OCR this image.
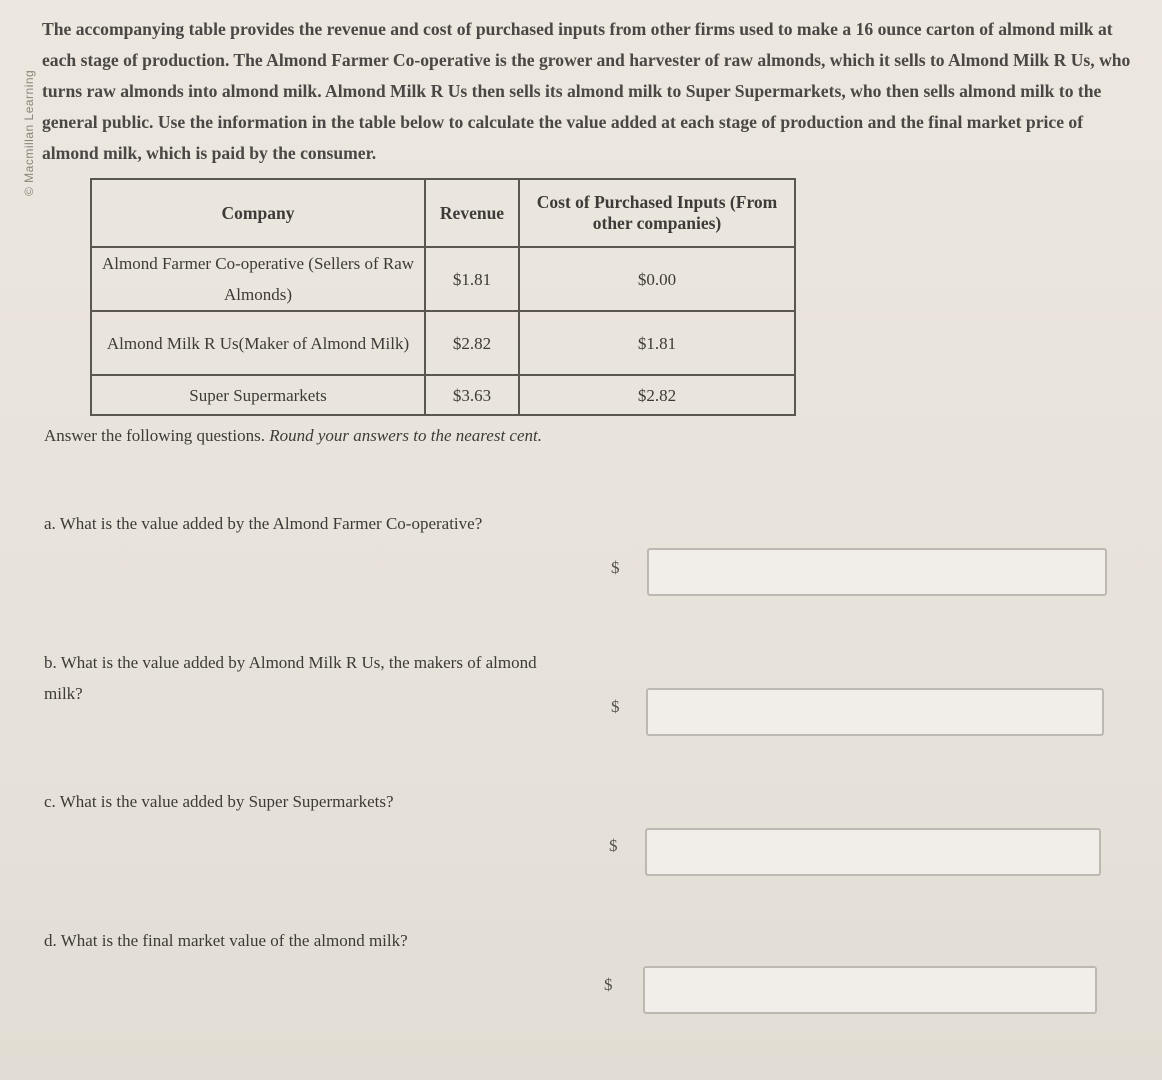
© Macmillan Learning

The accompanying table provides the revenue and cost of purchased inputs from other firms used to make a 16 ounce carton of almond milk at each stage of production. The Almond Farmer Co-operative is the grower and harvester of raw almonds, which it sells to Almond Milk R Us, who turns raw almonds into almond milk. Almond Milk R Us then sells its almond milk to Super Supermarkets, who then sells almond milk to the general public. Use the information in the table below to calculate the value added at each stage of production and the final market price of almond milk, which is paid by the consumer.

Company	Revenue	Cost of Purchased Inputs (From other companies)
Almond Farmer Co-operative (Sellers of Raw Almonds)	$1.81	$0.00
Almond Milk R Us(Maker of Almond Milk)	$2.82	$1.81
Super Supermarkets	$3.63	$2.82

Answer the following questions. Round your answers to the nearest cent.

a. What is the value added by the Almond Farmer Co-operative?

$

b. What is the value added by Almond Milk R Us, the makers of almond milk?

$

c. What is the value added by Super Supermarkets?

$

d. What is the final market value of the almond milk?

$
